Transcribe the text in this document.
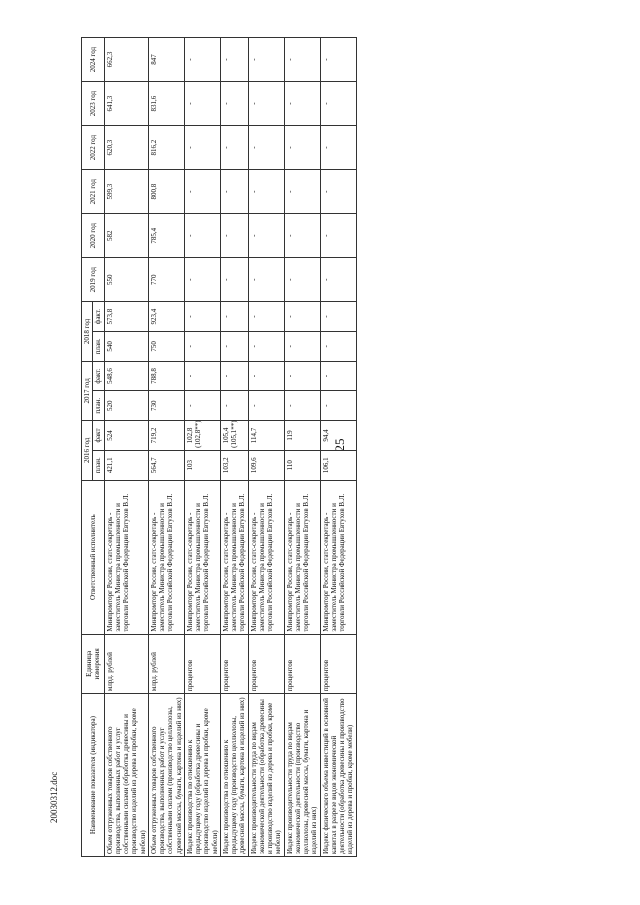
25
20030312.doc	Наименование показателя (индикатора)	Единица измерения	Ответственный исполнитель	2016 год		2017 год		2018 год		2019 год	2020 год	2021 год	2022 год	2023 год	2024 год
			план.	факт	план.	факт.	план.	факт.						
Объем отгруженных товаров собственного производства, выполненных работ и услуг собственными силами (обработка древесины и производство изделий из дерева и пробки, кроме мебели)	млрд. рублей	Минпромторг России, статс-секретарь - заместитель Министра промышленности и торговли Российской Федерации Евтухов В.Л.	421,1	524	520	548,6	540	573,8	550	582	599,3	620,3	641,3	662,3
Объем отгруженных товаров собственного производства, выполненных работ и услуг собственными силами (производство целлюлозы, древесной массы, бумаги, картона и изделий из них)	млрд. рублей	Минпромторг России, статс-секретарь - заместитель Министра промышленности и торговли Российской Федерации Евтухов В.Л.	564,7	719,2	730	788,8	750	923,4	770	785,4	800,8	816,2	831,6	847
Индекс производства по отношению к предыдущему году (обработка древесины и производство изделий из дерева и пробки, кроме мебели)	процентов	Минпромторг России, статс-секретарь - заместитель Министра промышленности и торговли Российской Федерации Евтухов В.Л.	103	102,8 (102,8**)	-	-	-	-	-	-	-	-	-	-
Индекс производства по отношению к предыдущему году (производство целлюлозы, древесной массы, бумаги, картона и изделий из них)	процентов	Минпромторг России, статс-секретарь - заместитель Министра промышленности и торговли Российской Федерации Евтухов В.Л.	103,2	105,4 (105,1**)	-	-	-	-	-	-	-	-	-	-
Индекс производительности труда по видам экономической деятельности (обработка древесины и производство изделий из дерева и пробки, кроме мебели)	процентов	Минпромторг России, статс-секретарь - заместитель Министра промышленности и торговли Российской Федерации Евтухов В.Л.	109,6	114,7	-	-	-	-	-	-	-	-	-	-
Индекс производительности труда по видам экономической деятельности (производство целлюлозы, древесной массы, бумаги, картона и изделий из них)	процентов	Минпромторг России, статс-секретарь - заместитель Министра промышленности и торговли Российской Федерации Евтухов В.Л.	110	119	-	-	-	-	-	-	-	-	-	-
Индекс физического объема инвестиций в основной капитал в разрезе видов экономической деятельности (обработка древесины и производство изделий из дерева и пробки, кроме мебели)	процентов	Минпромторг России, статс-секретарь - заместитель Министра промышленности и торговли Российской Федерации Евтухов В.Л.	106,1	94,4	-	-	-	-	-	-	-	-	-	-
